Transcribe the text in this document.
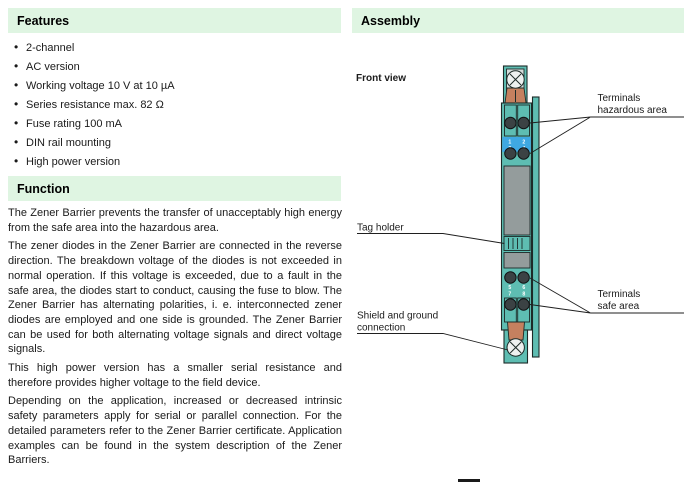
Features
• 2-channel
• AC version
• Working voltage 10 V at 10 µA
• Series resistance max. 82 Ω
• Fuse rating 100 mA
• DIN rail mounting
• High power version
Function

The Zener Barrier prevents the transfer of unacceptably high energy from the safe area into the hazardous area.

The zener diodes in the Zener Barrier are connected in the reverse direction. The breakdown voltage of the diodes is not exceeded in normal operation. If this voltage is exceeded, due to a fault in the safe area, the diodes start to conduct, causing the fuse to blow. The Zener Barrier has alternating polarities, i. e. interconnected zener diodes are employed and one side is grounded. The Zener Barrier can be used for both alternating voltage signals and direct voltage signals.

This high power version has a smaller serial resistance and therefore provides higher voltage to the field device.

Depending on the application, increased or decreased intrinsic safety parameters apply for serial or parallel connection. For the detailed parameters refer to the Zener Barrier certificate. Application examples can be found in the system description of the Zener Barriers.

Assembly
Front view
1 2
5
7
6
8
Terminals
hazardous area
Tag holder
Terminals
safe area
Shield and ground
connection
